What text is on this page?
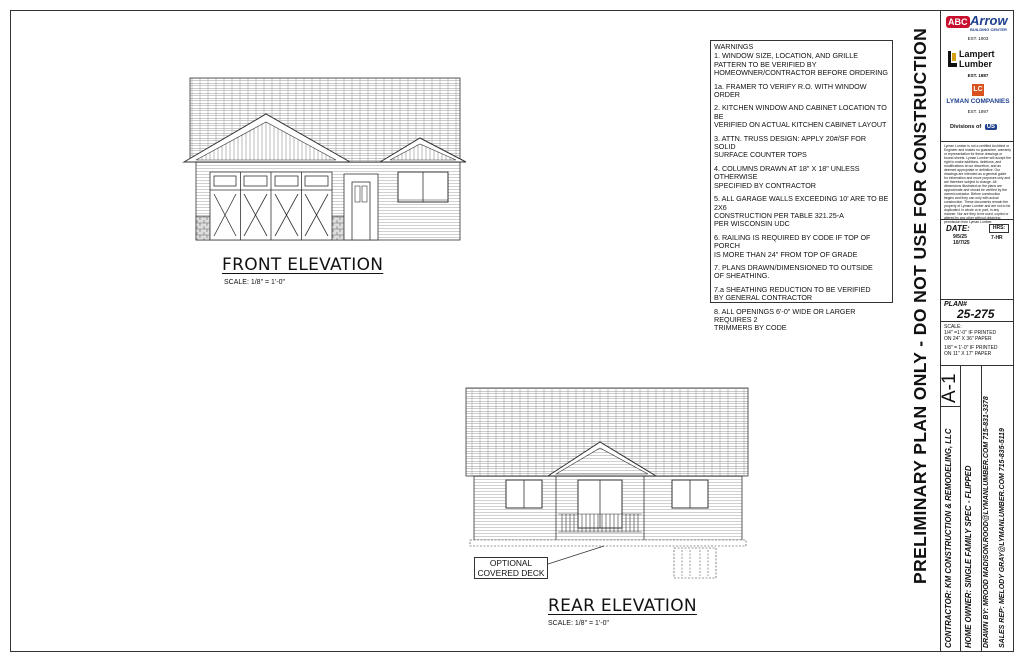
FRONT ELEVATION
SCALE: 1/8" = 1'-0"
OPTIONAL
COVERED DECK
REAR ELEVATION
SCALE: 1/8" = 1'-0"
WARNINGS
1. WINDOW SIZE, LOCATION, AND GRILLE
PATTERN TO BE VERIFIED BY
HOMEOWNER/CONTRACTOR BEFORE ORDERING
1a. FRAMER TO VERIFY R.O. WITH WINDOW ORDER
2. KITCHEN WINDOW AND CABINET LOCATION TO BE
VERIFIED ON ACTUAL KITCHEN CABINET LAYOUT
3. ATTN. TRUSS DESIGN: APPLY 20#/SF FOR SOLID
SURFACE COUNTER TOPS
4. COLUMNS DRAWN AT 18" X 18" UNLESS
OTHERWISE
SPECIFIED BY CONTRACTOR
5. ALL GARAGE WALLS EXCEEDING 10' ARE TO BE
2X6
CONSTRUCTION PER TABLE 321.25-A
PER WISCONSIN UDC
6. RAILING IS REQUIRED BY CODE IF TOP OF PORCH
IS MORE THAN 24" FROM TOP OF GRADE
7. PLANS DRAWN/DIMENSIONED TO OUTSIDE
OF SHEATHING.
7.a SHEATHING REDUCTION TO BE VERIFIED
BY GENERAL CONTRACTOR
8. ALL OPENINGS 6'-0" WIDE OR LARGER REQUIRES 2
TRIMMERS BY CODE	PRELIMINARY PLAN ONLY - DO NOT USE FOR CONSTRUCTION
ABC Arrow
BUILDING CENTER
EST. 1903
Lampert
Lumber
EST. 1887
LC
LYMAN COMPANIES
EST. 1897
Divisions of US
Lyman Lumber is not a certified Architect or Engineer and makes no guarantee, warranty or representation for these drawings or bound sheets. Lyman Lumber will accept the right to make additions, deletions, and modifications at our discretion, and as deemed appropriate or definitive. Our drawings are intended as a general guide for information and move purposes only and are therefore subject to change. All dimensions illustrated on the plans are approximate and should be verified by the owner/contractor. Before construction begins and they can only with actual construction. These documents remain the property of Lyman Lumber and are not to be duplicated, in whole or in part, in any manner. Nor are they to be used, copied or altered by any other without obtaining permission from Lyman Lumber.
DATE:
9/5/25
10/7/25
HRS:
7-HR
PLAN#
25-275
SCALE:
1/4" =1'-0" IF PRINTED
ON 24" X 36" PAPER
1/8" = 1'-0" IF PRINTED
ON 11" X 17" PAPER
A-1
CONTRACTOR: KM CONSTRUCTION & REMODELING, LLC HOME OWNER: SINGLE FAMILY SPEC - FLIPPED DRAWN BY: MROOD MADISON.ROOD@LYMANLUMBER.COM 715-831-3378 SALES REP: MELODY GRAY@LYMANLUMBER.COM 715-835-5119
